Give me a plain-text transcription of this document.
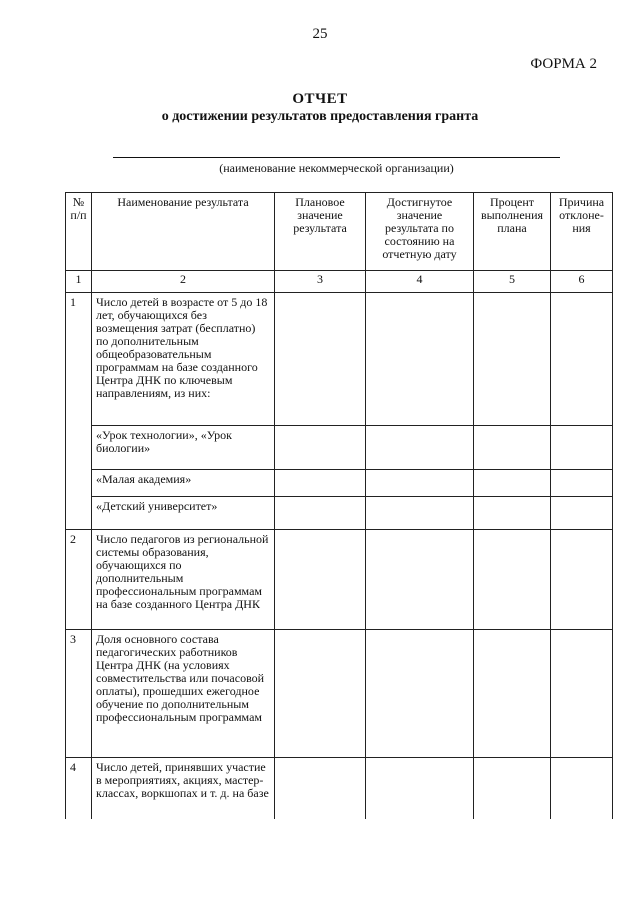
25
ФОРМА 2
ОТЧЕТ
о достижении результатов предоставления гранта
(наименование некоммерческой организации)
№ п/п	Наименование результата	Плановое значение результата	Достигнутое значение результата по состоянию на отчетную дату	Процент выполнения плана	Причина отклоне-ния
1	2	3	4	5	6
1	Число детей в возрасте от 5 до 18 лет, обучающихся без возмещения затрат (бесплатно) по дополнительным общеобразовательным программам на базе созданного Центра ДНК по ключевым направлениям, из них:				
	«Урок технологии», «Урок биологии»				
	«Малая академия»				
	«Детский университет»				
2	Число педагогов из региональной системы образования, обучающихся по дополнительным профессиональным программам на базе созданного Центра ДНК				
3	Доля основного состава педагогических работников Центра ДНК (на условиях совместительства или почасовой оплаты), прошедших ежегодное обучение по дополнительным профессиональным программам				
4	Число детей, принявших участие в мероприятиях, акциях, мастер-классах, воркшопах и т. д. на базе				
